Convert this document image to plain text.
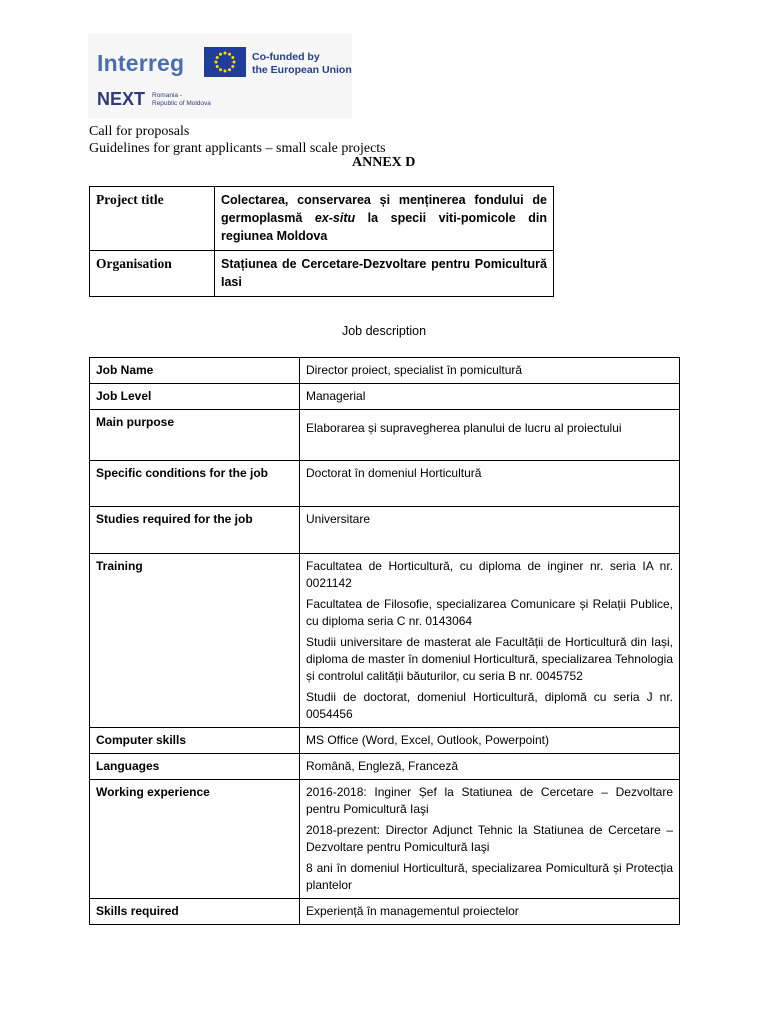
Interreg	Co-funded by
the European Union
NEXT Romania -
Republic of Moldova
Call for proposals
Guidelines for grant applicants – small scale projects
ANNEX D
Project title	Colectarea, conservarea și menținerea fondului de germoplasmă ex-situ la specii viti-pomicole din regiunea Moldova
Organisation	Stațiunea de Cercetare-Dezvoltare pentru Pomicultură Iasi
Job description
Job Name	Director proiect, specialist în pomicultură
Job Level	Managerial
Main purpose	Elaborarea și supravegherea planului de lucru al proiectului

Specific conditions for the job	Doctorat în domeniul Horticultură
Studies required for the job	Universitare
Training	Facultatea de Horticultură, cu diploma de inginer nr. seria IA nr. 0021142

Facultatea de Filosofie, specializarea Comunicare și Relații Publice, cu diploma seria C nr. 0143064

Studii universitare de masterat ale Facultății de Horticultură din Iași, diploma de master în domeniul Horticultură, specializarea Tehnologia și controlul calității băuturilor, cu seria B nr. 0045752

Studii de doctorat, domeniul Horticultură, diplomă cu seria J nr. 0054456

Computer skills	MS Office (Word, Excel, Outlook, Powerpoint)
Languages	Română, Engleză, Franceză
Working experience	2016-2018: Inginer Șef la Statiunea de Cercetare – Dezvoltare pentru Pomicultură Iaşi

2018-prezent: Director Adjunct Tehnic la Statiunea de Cercetare – Dezvoltare pentru Pomicultură Iaşi

8 ani în domeniul Horticultură, specializarea Pomicultură și Protecția plantelor

Skills required	Experiență în managementul proiectelor
